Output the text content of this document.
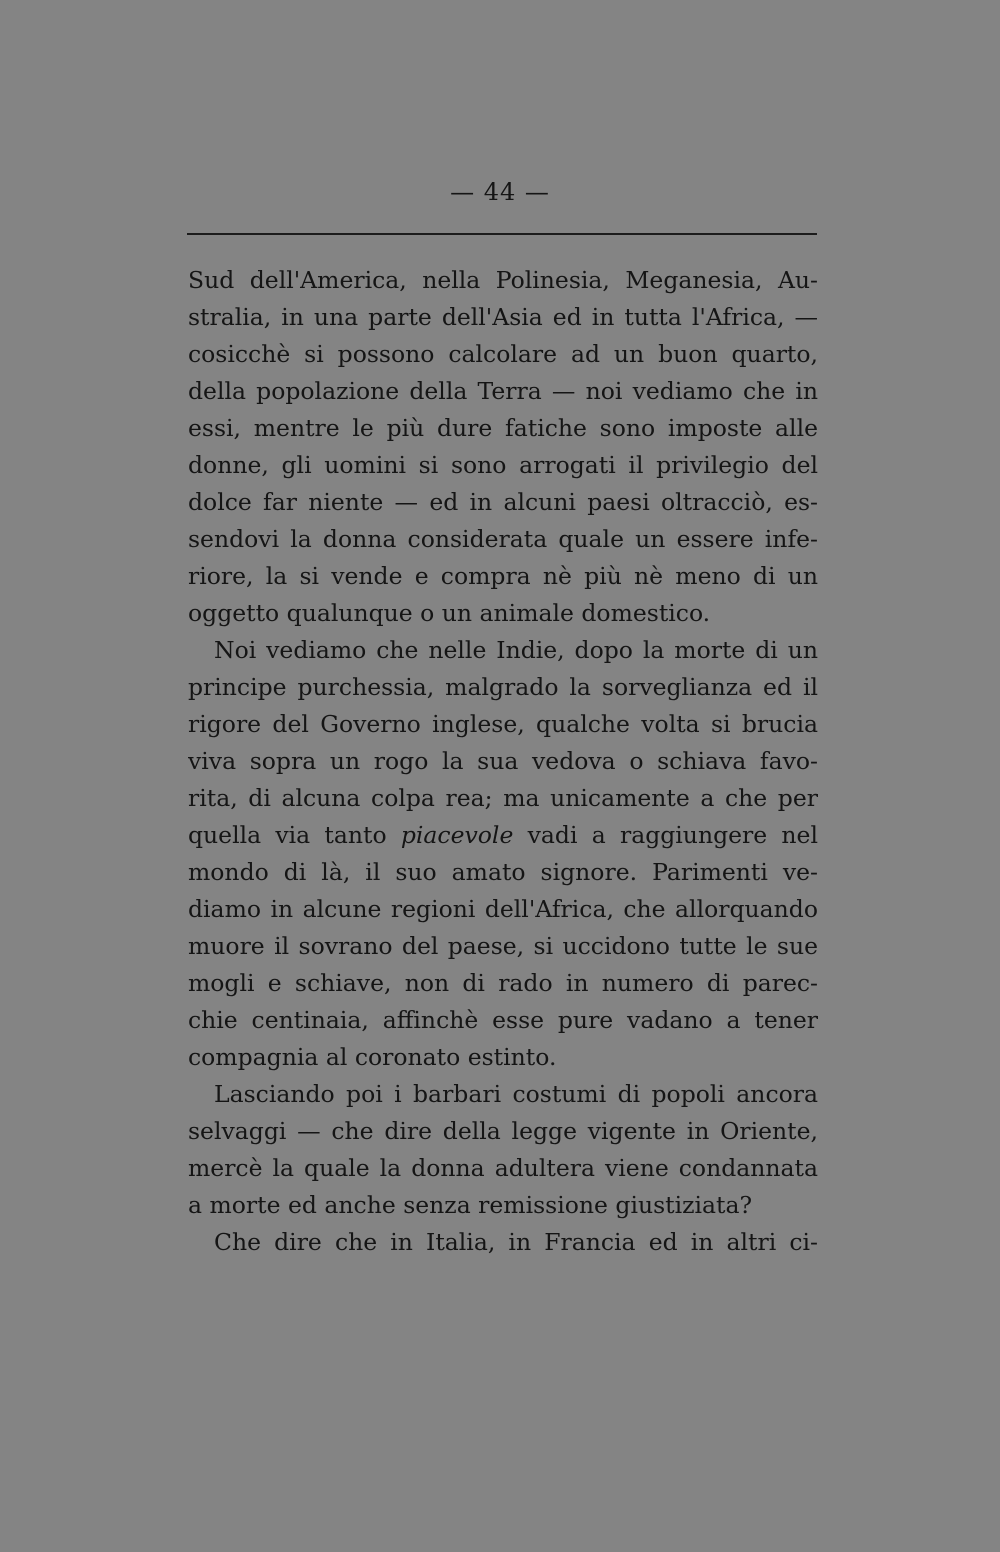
— 44 —
Sud dell'America, nella Polinesia, Meganesia, Au-
stralia, in una parte dell'Asia ed in tutta l'Africa, —
cosicchè si possono calcolare ad un buon quarto,
della popolazione della Terra — noi vediamo che in
essi, mentre le più dure fatiche sono imposte alle
donne, gli uomini si sono arrogati il privilegio del
dolce far niente — ed in alcuni paesi oltracciò, es-
sendovi la donna considerata quale un essere infe-
riore, la si vende e compra nè più nè meno di un
oggetto qualunque o un animale domestico.
Noi vediamo che nelle Indie, dopo la morte di un
principe purchessia, malgrado la sorveglianza ed il
rigore del Governo inglese, qualche volta si brucia
viva sopra un rogo la sua vedova o schiava favo-
rita, di alcuna colpa rea; ma unicamente a che per
quella via tanto piacevole vadi a raggiungere nel
mondo di là, il suo amato signore. Parimenti ve-
diamo in alcune regioni dell'Africa, che allorquando
muore il sovrano del paese, si uccidono tutte le sue
mogli e schiave, non di rado in numero di parec-
chie centinaia, affinchè esse pure vadano a tener
compagnia al coronato estinto.
Lasciando poi i barbari costumi di popoli ancora
selvaggi — che dire della legge vigente in Oriente,
mercè la quale la donna adultera viene condannata
a morte ed anche senza remissione giustiziata?
Che dire che in Italia, in Francia ed in altri ci-
